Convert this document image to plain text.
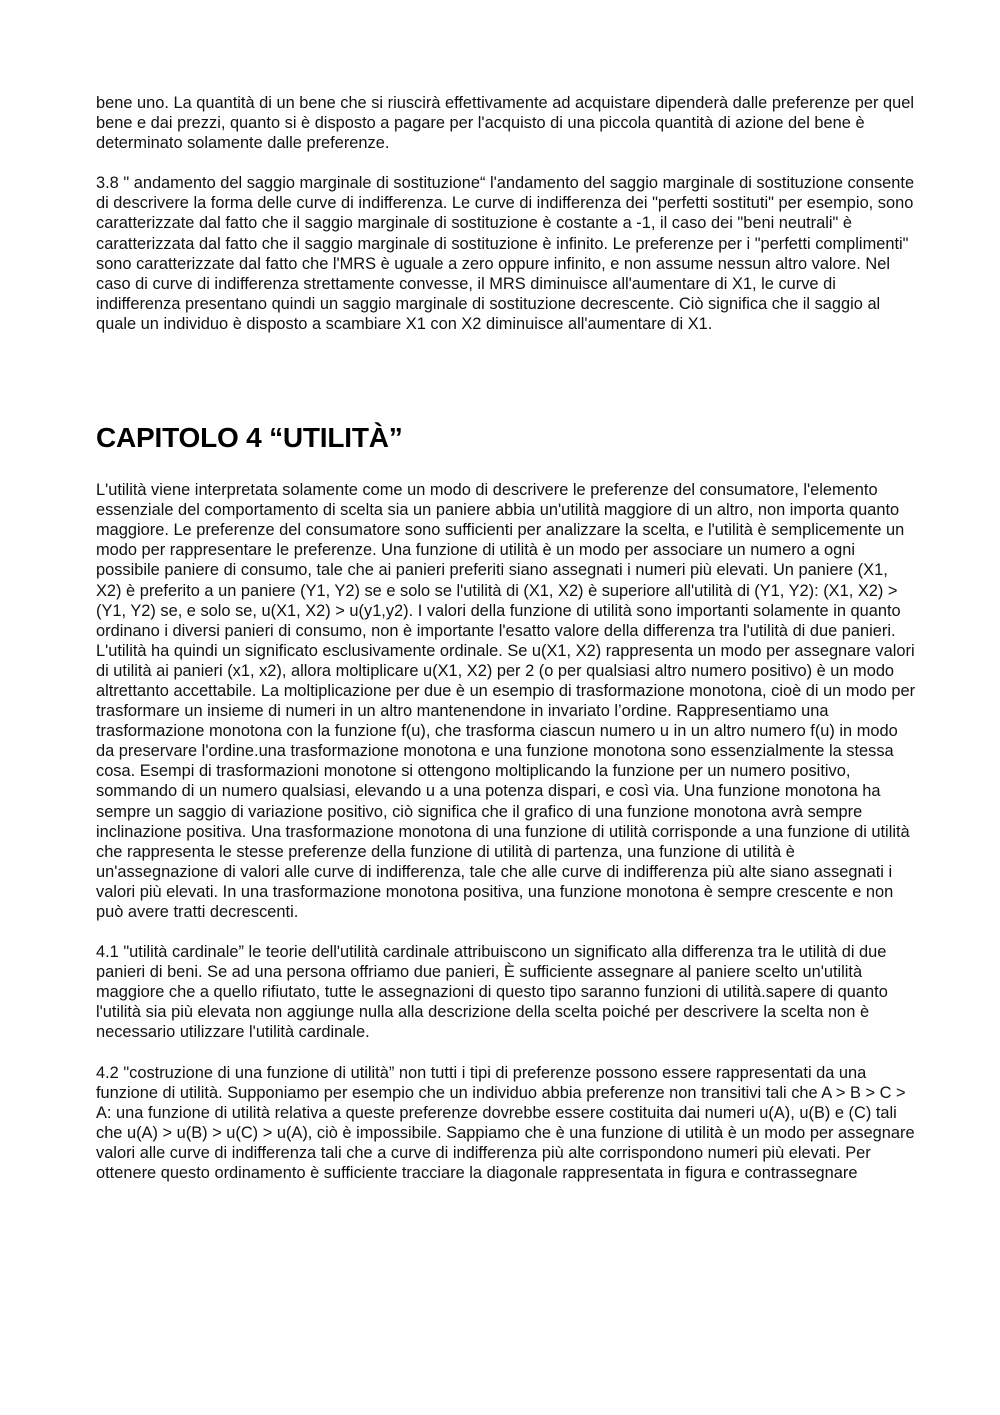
bene uno. La quantità di un bene che si riuscirà effettivamente ad acquistare dipenderà dalle preferenze per quel bene e dai prezzi, quanto si è disposto a pagare per l'acquisto di una piccola quantità di azione del bene è determinato solamente dalle preferenze.

3.8 " andamento del saggio marginale di sostituzione“ l'andamento del saggio marginale di sostituzione consente di descrivere la forma delle curve di indifferenza. Le curve di indifferenza dei "perfetti sostituti" per esempio, sono caratterizzate dal fatto che il saggio marginale di sostituzione è costante a -1, il caso dei "beni neutrali" è caratterizzata dal fatto che il saggio marginale di sostituzione è infinito. Le preferenze per i "perfetti complimenti" sono caratterizzate dal fatto che l'MRS è uguale a zero oppure infinito, e non assume nessun altro valore. Nel caso di curve di indifferenza strettamente convesse, il MRS diminuisce all'aumentare di X1, le curve di indifferenza presentano quindi un saggio marginale di sostituzione decrescente. Ciò significa che il saggio al quale un individuo è disposto a scambiare X1 con X2 diminuisce all'aumentare di X1.

CAPITOLO 4 “UTILITÀ”

L'utilità viene interpretata solamente come un modo di descrivere le preferenze del consumatore, l'elemento essenziale del comportamento di scelta sia un paniere abbia un'utilità maggiore di un altro, non importa quanto maggiore. Le preferenze del consumatore sono sufficienti per analizzare la scelta, e l'utilità è semplicemente un modo per rappresentare le preferenze. Una funzione di utilità è un modo per associare un numero a ogni possibile paniere di consumo, tale che ai panieri preferiti siano assegnati i numeri più elevati. Un paniere (X1, X2) è preferito a un paniere (Y1, Y2) se e solo se l'utilità di (X1, X2) è superiore all'utilità di (Y1, Y2): (X1, X2) > (Y1, Y2) se, e solo se, u(X1, X2) > u(y1,y2). I valori della funzione di utilità sono importanti solamente in quanto ordinano i diversi panieri di consumo, non è importante l'esatto valore della differenza tra l'utilità di due panieri. L'utilità ha quindi un significato esclusivamente ordinale. Se u(X1, X2) rappresenta un modo per assegnare valori di utilità ai panieri (x1, x2), allora moltiplicare u(X1, X2) per 2 (o per qualsiasi altro numero positivo) è un modo altrettanto accettabile. La moltiplicazione per due è un esempio di trasformazione monotona, cioè di un modo per trasformare un insieme di numeri in un altro mantenendone in invariato l’ordine. Rappresentiamo una trasformazione monotona con la funzione f(u), che trasforma ciascun numero u in un altro numero f(u) in modo da preservare l'ordine.una trasformazione monotona e una funzione monotona sono essenzialmente la stessa cosa. Esempi di trasformazioni monotone si ottengono moltiplicando la funzione per un numero positivo, sommando di un numero qualsiasi, elevando u a una potenza dispari, e così via. Una funzione monotona ha sempre un saggio di variazione positivo, ciò significa che il grafico di una funzione monotona avrà sempre inclinazione positiva. Una trasformazione monotona di una funzione di utilità corrisponde a una funzione di utilità che rappresenta le stesse preferenze della funzione di utilità di partenza, una funzione di utilità è un'assegnazione di valori alle curve di indifferenza, tale che alle curve di indifferenza più alte siano assegnati i valori più elevati. In una trasformazione monotona positiva, una funzione monotona è sempre crescente e non può avere tratti decrescenti.

4.1 "utilità cardinale” le teorie dell'utilità cardinale attribuiscono un significato alla differenza tra le utilità di due panieri di beni. Se ad una persona offriamo due panieri, È sufficiente assegnare al paniere scelto un'utilità maggiore che a quello rifiutato, tutte le assegnazioni di questo tipo saranno funzioni di utilità.sapere di quanto l'utilità sia più elevata non aggiunge nulla alla descrizione della scelta poiché per descrivere la scelta non è necessario utilizzare l'utilità cardinale.

4.2 "costruzione di una funzione di utilità” non tutti i tipi di preferenze possono essere rappresentati da una funzione di utilità. Supponiamo per esempio che un individuo abbia preferenze non transitivi tali che A > B > C > A: una funzione di utilità relativa a queste preferenze dovrebbe essere costituita dai numeri u(A), u(B) e (C) tali che u(A) > u(B) > u(C) > u(A), ciò è impossibile. Sappiamo che è una funzione di utilità è un modo per assegnare valori alle curve di indifferenza tali che a curve di indifferenza più alte corrispondono numeri più elevati. Per ottenere questo ordinamento è sufficiente tracciare la diagonale rappresentata in figura e contrassegnare
